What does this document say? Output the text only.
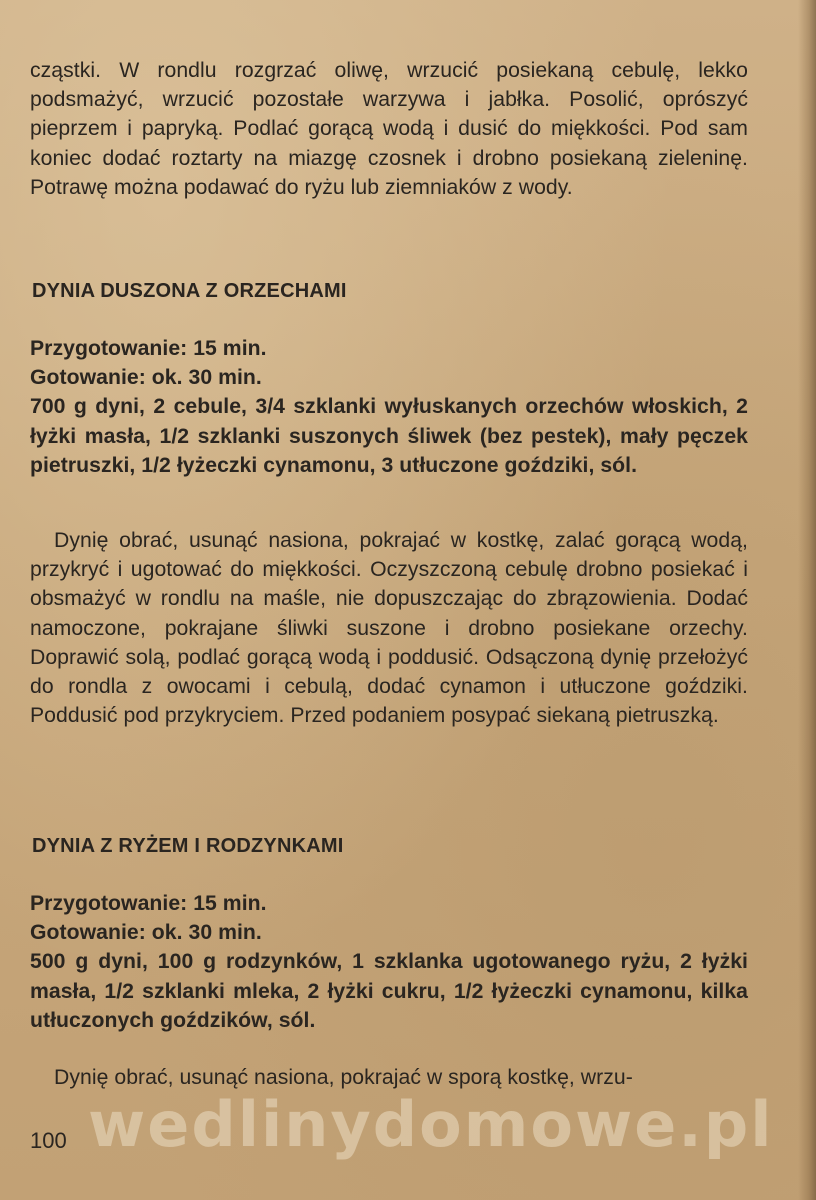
cząstki. W rondlu rozgrzać oliwę, wrzucić posiekaną cebulę, lekko podsmażyć, wrzucić pozostałe warzywa i jabłka. Posolić, oprószyć pieprzem i papryką. Podlać gorącą wodą i dusić do miękkości. Pod sam koniec dodać roztarty na miazgę czosnek i drobno posiekaną zieleninę. Potrawę można podawać do ryżu lub ziemniaków z wody.

DYNIA DUSZONA Z ORZECHAMI

Przygotowanie: 15 min.

Gotowanie: ok. 30 min.

700 g dyni, 2 cebule, 3/4 szklanki wyłuskanych orzechów włoskich, 2 łyżki masła, 1/2 szklanki suszonych śliwek (bez pestek), mały pęczek pietruszki, 1/2 łyżeczki cynamonu, 3 utłuczone goździki, sól.

Dynię obrać, usunąć nasiona, pokrajać w kostkę, zalać gorącą wodą, przykryć i ugotować do miękkości. Oczyszczoną cebulę drobno posiekać i obsmażyć w rondlu na maśle, nie dopuszczając do zbrązowienia. Dodać namoczone, pokrajane śliwki suszone i drobno posiekane orzechy. Doprawić solą, podlać gorącą wodą i poddusić. Odsączoną dynię przełożyć do rondla z owocami i cebulą, dodać cynamon i utłuczone goździki. Poddusić pod przykryciem. Przed podaniem posypać siekaną pietruszką.

DYNIA Z RYŻEM I RODZYNKAMI

Przygotowanie: 15 min.

Gotowanie: ok. 30 min.

500 g dyni, 100 g rodzynków, 1 szklanka ugotowanego ryżu, 2 łyżki masła, 1/2 szklanki mleka, 2 łyżki cukru, 1/2 łyżeczki cynamonu, kilka utłuczonych goździków, sól.

Dynię obrać, usunąć nasiona, pokrajać w sporą kostkę, wrzu-

wedlinydomowe.pl
100
